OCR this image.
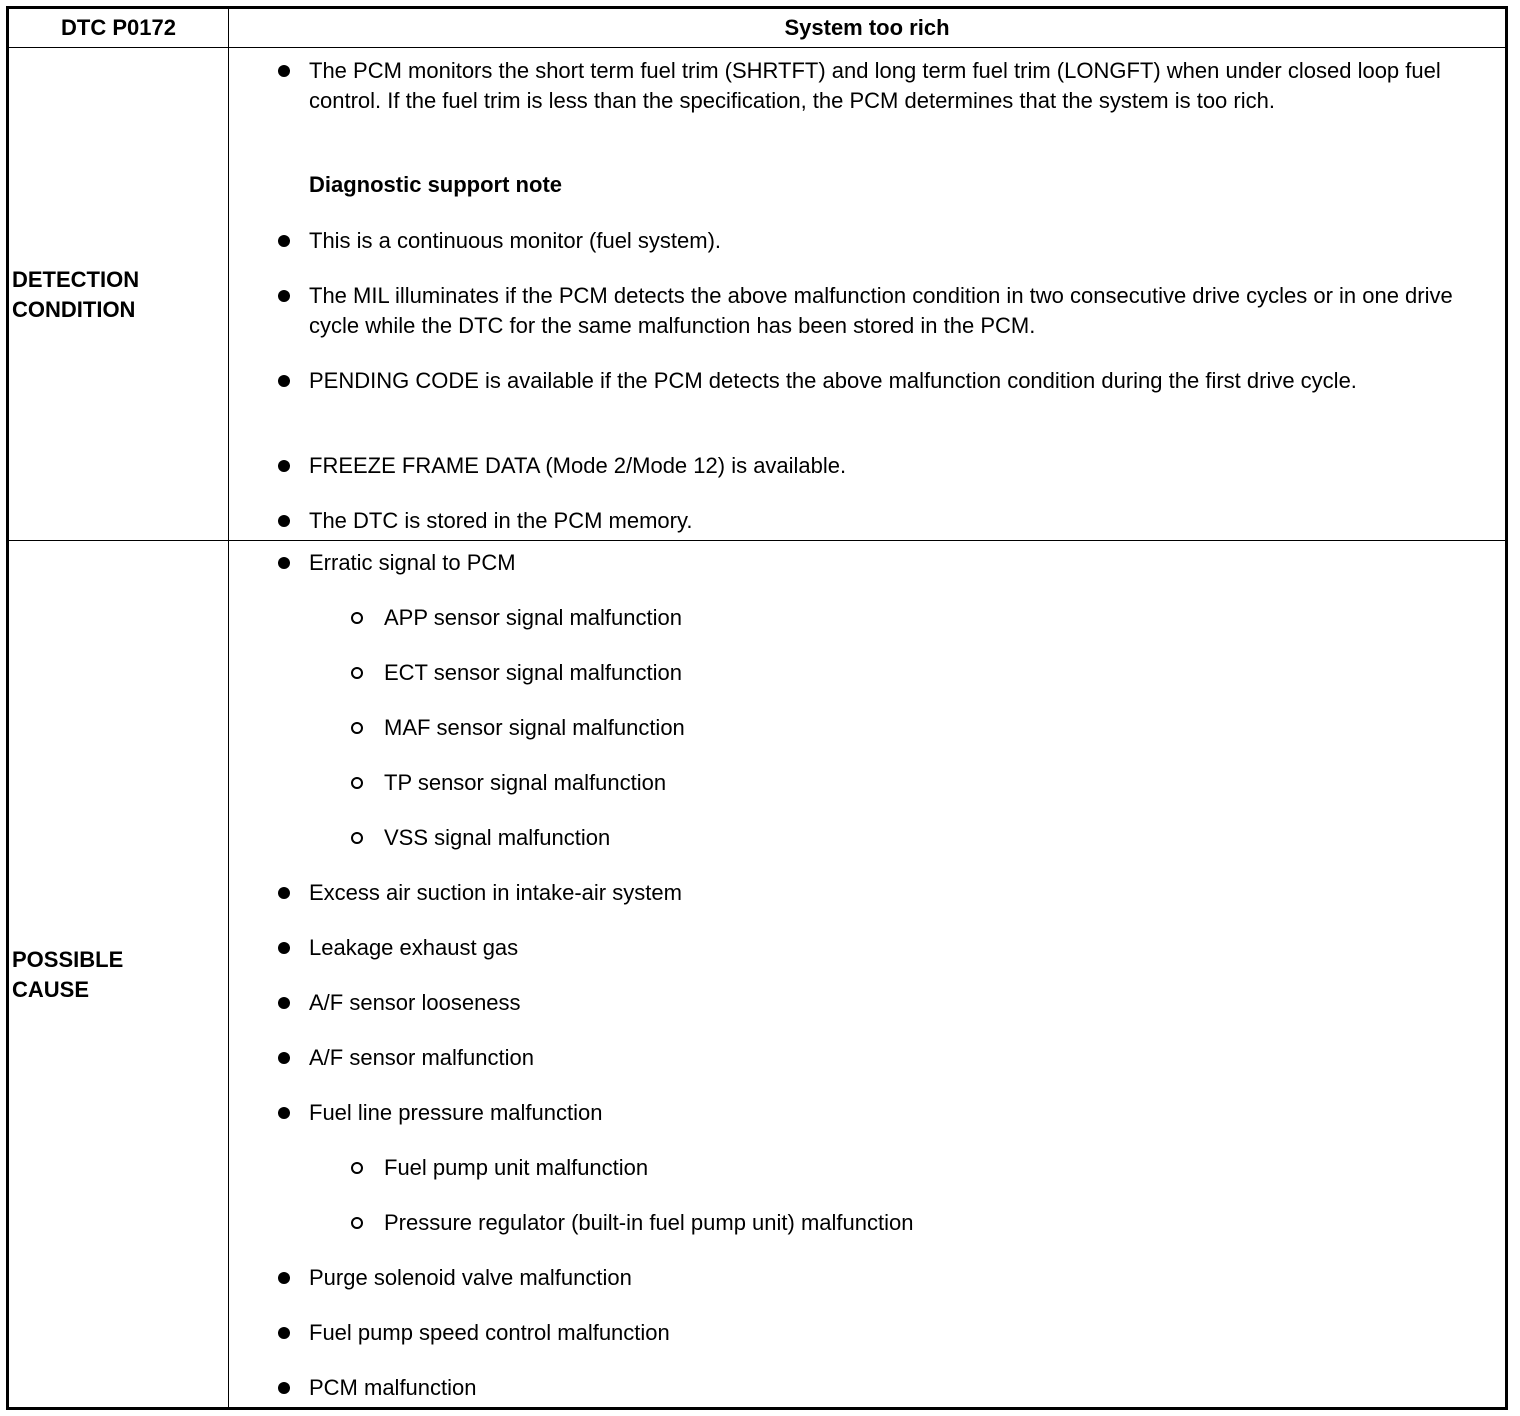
DTC P0172	System too rich
DETECTION
CONDITION
The PCM monitors the short term fuel trim (SHRTFT) and long term fuel trim (LONGFT) when under closed loop fuel control. If the fuel trim is less than the specification, the PCM determines that the system is too rich.
Diagnostic support note
This is a continuous monitor (fuel system).
The MIL illuminates if the PCM detects the above malfunction condition in two consecutive drive cycles or in one drive cycle while the DTC for the same malfunction has been stored in the PCM.
PENDING CODE is available if the PCM detects the above malfunction condition during the first drive cycle.
FREEZE FRAME DATA (Mode 2/Mode 12) is available.
The DTC is stored in the PCM memory.
POSSIBLE
CAUSE
Erratic signal to PCM
APP sensor signal malfunction
ECT sensor signal malfunction
MAF sensor signal malfunction
TP sensor signal malfunction
VSS signal malfunction
Excess air suction in intake-air system
Leakage exhaust gas
A/F sensor looseness
A/F sensor malfunction
Fuel line pressure malfunction
Fuel pump unit malfunction
Pressure regulator (built-in fuel pump unit) malfunction
Purge solenoid valve malfunction
Fuel pump speed control malfunction
PCM malfunction
